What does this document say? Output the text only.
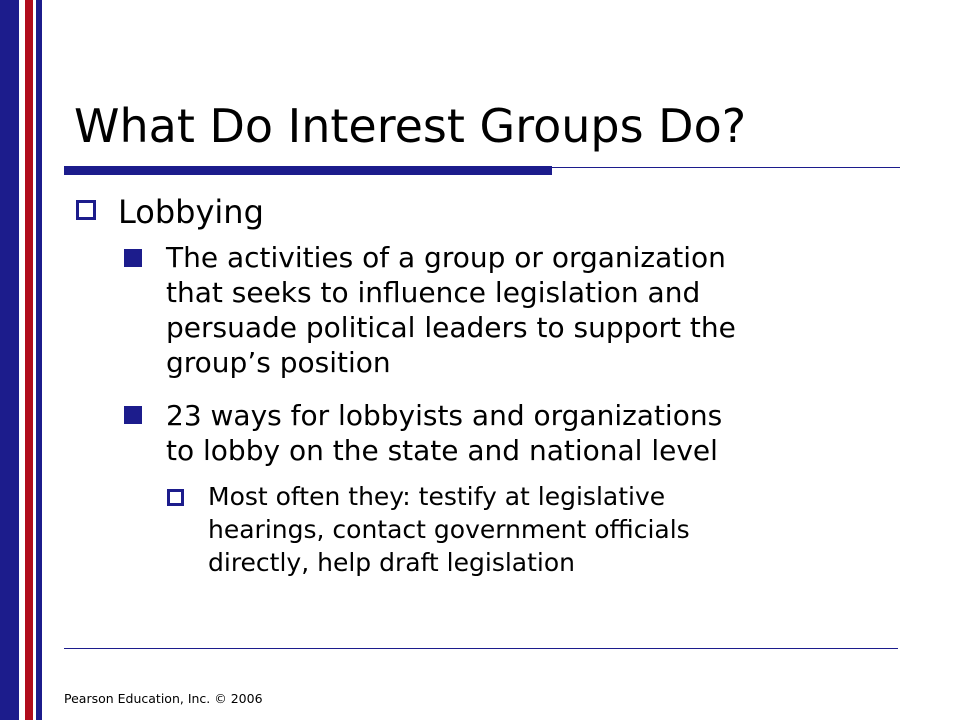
What Do Interest Groups Do?
Lobbying
The activities of a group or organization
that seeks to influence legislation and
persuade political leaders to support the
group’s position
23 ways for lobbyists and organizations
to lobby on the state and national level
Most often they: testify at legislative
hearings, contact government officials
directly, help draft legislation
Pearson Education, Inc. © 2006
